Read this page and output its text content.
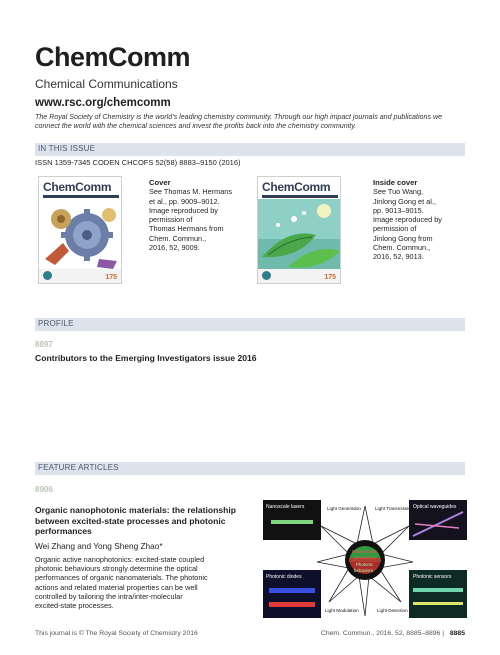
ChemComm
Chemical Communications
www.rsc.org/chemcomm
The Royal Society of Chemistry is the world’s leading chemistry community. Through our high impact journals and publications we connect the world with the chemical sciences and invest the profits back into the chemistry community.
IN THIS ISSUE
ISSN 1359-7345 CODEN CHCOFS 52(58) 8883–9150 (2016)
ChemComm
175
Cover
See Thomas M. Hermans
et al., pp. 9009–9012.
Image reproduced by
permission of
Thomas Hermans from
Chem. Commun.,
2016, 52, 9009.
ChemComm
175
Inside cover
See Tuo Wang,
Jinlong Gong et al.,
pp. 9013–9015.
Image reproduced by
permission of
Jinlong Gong from
Chem. Commun.,
2016, 52, 9013.
PROFILE
8897
Contributors to the Emerging Investigators issue 2016
FEATURE ARTICLES
8906
Organic nanophotonic materials: the relationship
between excited-state processes and photonic
performances
Wei Zhang and Yong Sheng Zhao*
Organic active nanophotonics: excited-state coupled
photonic behaviours strongly determine the optical
performances of organic nanomaterials. The photonic
actions and related material properties can be well
controlled by tailoring the intra/inter-molecular
excited-state processes.
Nanoscale lasers	Optical waveguides
Photonic diodes	Photonic sensors
Light Generation	Light Transmission
Light Modulation	Light Detection
Excited-state
processes
Photonic
behaviors
This journal is © The Royal Society of Chemistry 2016	Chem. Commun., 2016, 52, 8885–8896 | 8885
